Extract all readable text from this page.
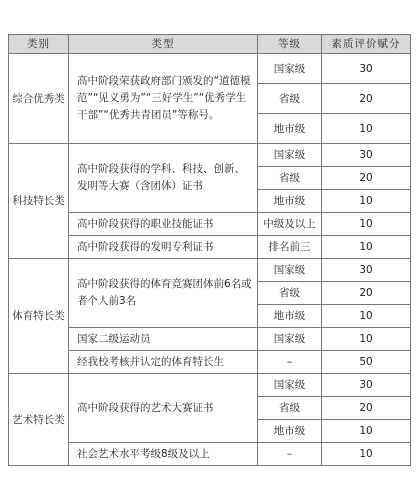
类别	类型	等级	素质评价赋分
综合优秀类	高中阶段荣获政府部门颁发的“道德模范”“见义勇为”“三好学生”“优秀学生干部”“优秀共青团员”等称号。	国家级	30
		省级	20
		地市级	10
科技特长类	高中阶段获得的学科、科技、创新、发明等大赛（含团体）证书	国家级	30
		省级	20
		地市级	10
	高中阶段获得的职业技能证书	中级及以上	10
	高中阶段获得的发明专利证书	排名前三	10
体育特长类	高中阶段获得的体育竞赛团体前6名或者个人前3名	国家级	30
		省级	20
		地市级	10
	国家二级运动员	国家级	10
	经我校考核并认定的体育特长生	–	50
艺术特长类	高中阶段获得的艺术大赛证书	国家级	30
		省级	20
		地市级	10
	社会艺术水平考级8级及以上	–	10
